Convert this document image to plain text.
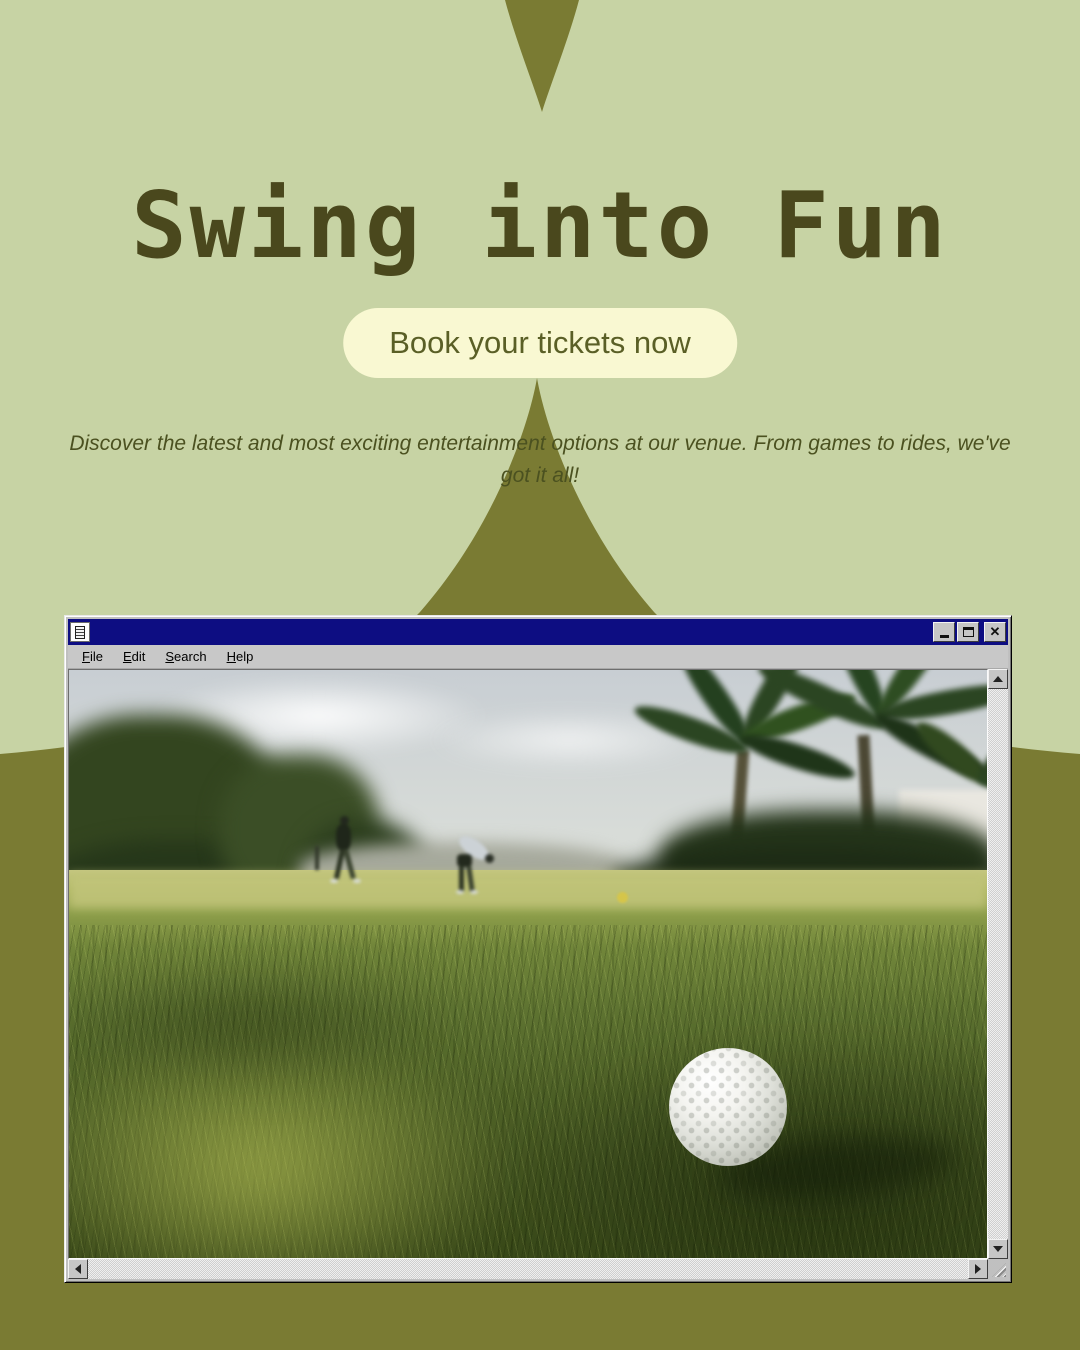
Swing into Fun
Book your tickets now

Discover the latest and most exciting entertainment options at our venue. From games to rides, we've got it all!

✕
File	Edit	Search	Help
